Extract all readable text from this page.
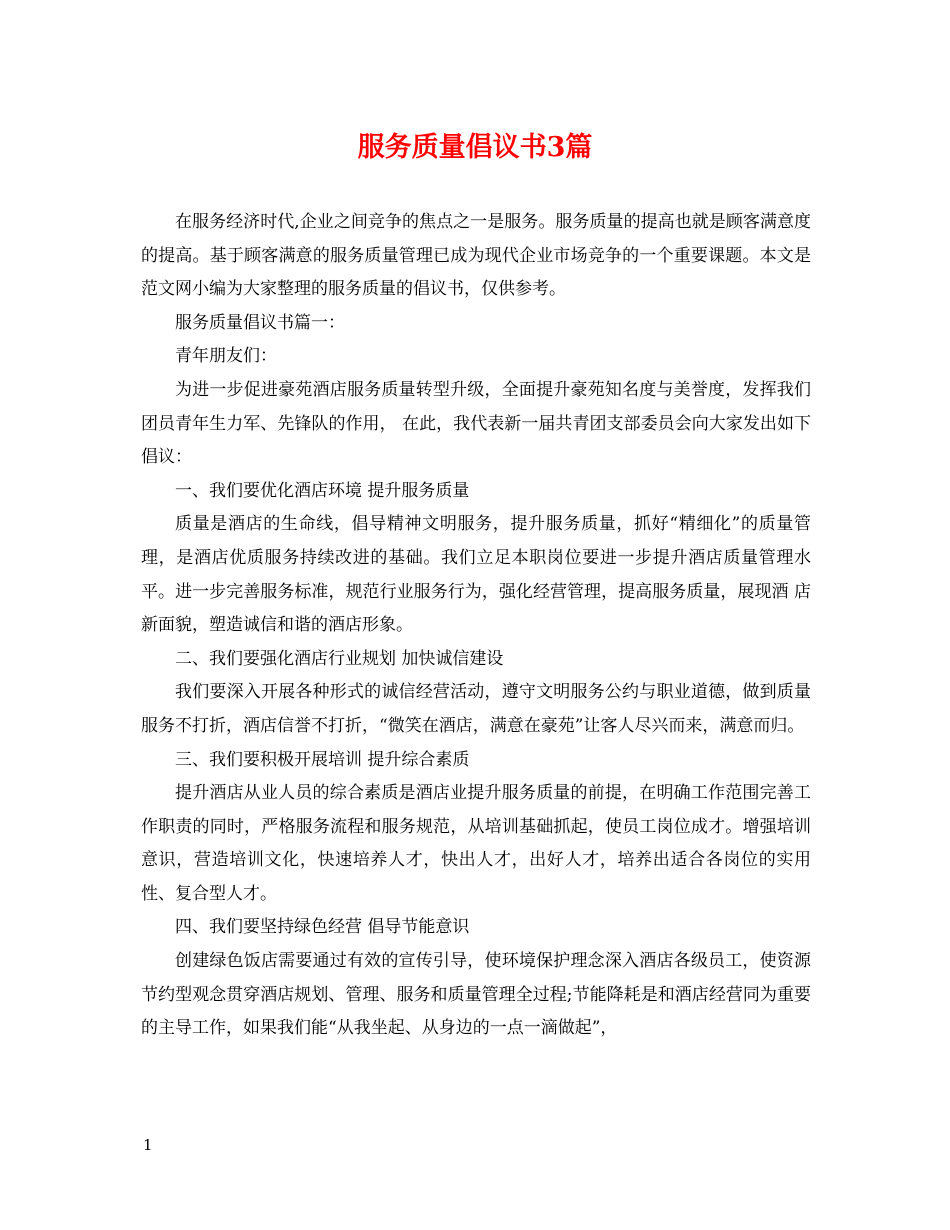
服务质量倡议书3篇

在服务经济时代,企业之间竞争的焦点之一是服务。服务质量的提高也就是顾客满意度的提高。基于顾客满意的服务质量管理已成为现代企业市场竞争的一个重要课题。本文是范文网小编为大家整理的服务质量的倡议书，仅供参考。

服务质量倡议书篇一：

青年朋友们：

为进一步促进豪苑酒店服务质量转型升级，全面提升豪苑知名度与美誉度，发挥我们团员青年生力军、先锋队的作用， 在此，我代表新一届共青团支部委员会向大家发出如下倡议：

一、我们要优化酒店环境 提升服务质量

质量是酒店的生命线，倡导精神文明服务，提升服务质量，抓好“精细化”的质量管理，是酒店优质服务持续改进的基础。我们立足本职岗位要进一步提升酒店质量管理水平。进一步完善服务标准，规范行业服务行为，强化经营管理，提高服务质量，展现酒 店新面貌，塑造诚信和谐的酒店形象。

二、我们要强化酒店行业规划 加快诚信建设

我们要深入开展各种形式的诚信经营活动，遵守文明服务公约与职业道德，做到质量服务不打折，酒店信誉不打折，“微笑在酒店，满意在豪苑”让客人尽兴而来，满意而归。

三、我们要积极开展培训 提升综合素质

提升酒店从业人员的综合素质是酒店业提升服务质量的前提，在明确工作范围完善工作职责的同时，严格服务流程和服务规范，从培训基础抓起，使员工岗位成才。增强培训意识，营造培训文化，快速培养人才，快出人才，出好人才，培养出适合各岗位的实用性、复合型人才。

四、我们要坚持绿色经营 倡导节能意识

创建绿色饭店需要通过有效的宣传引导，使环境保护理念深入酒店各级员工，使资源节约型观念贯穿酒店规划、管理、服务和质量管理全过程;节能降耗是和酒店经营同为重要的主导工作，如果我们能“从我坐起、从身边的一点一滴做起”，

1
